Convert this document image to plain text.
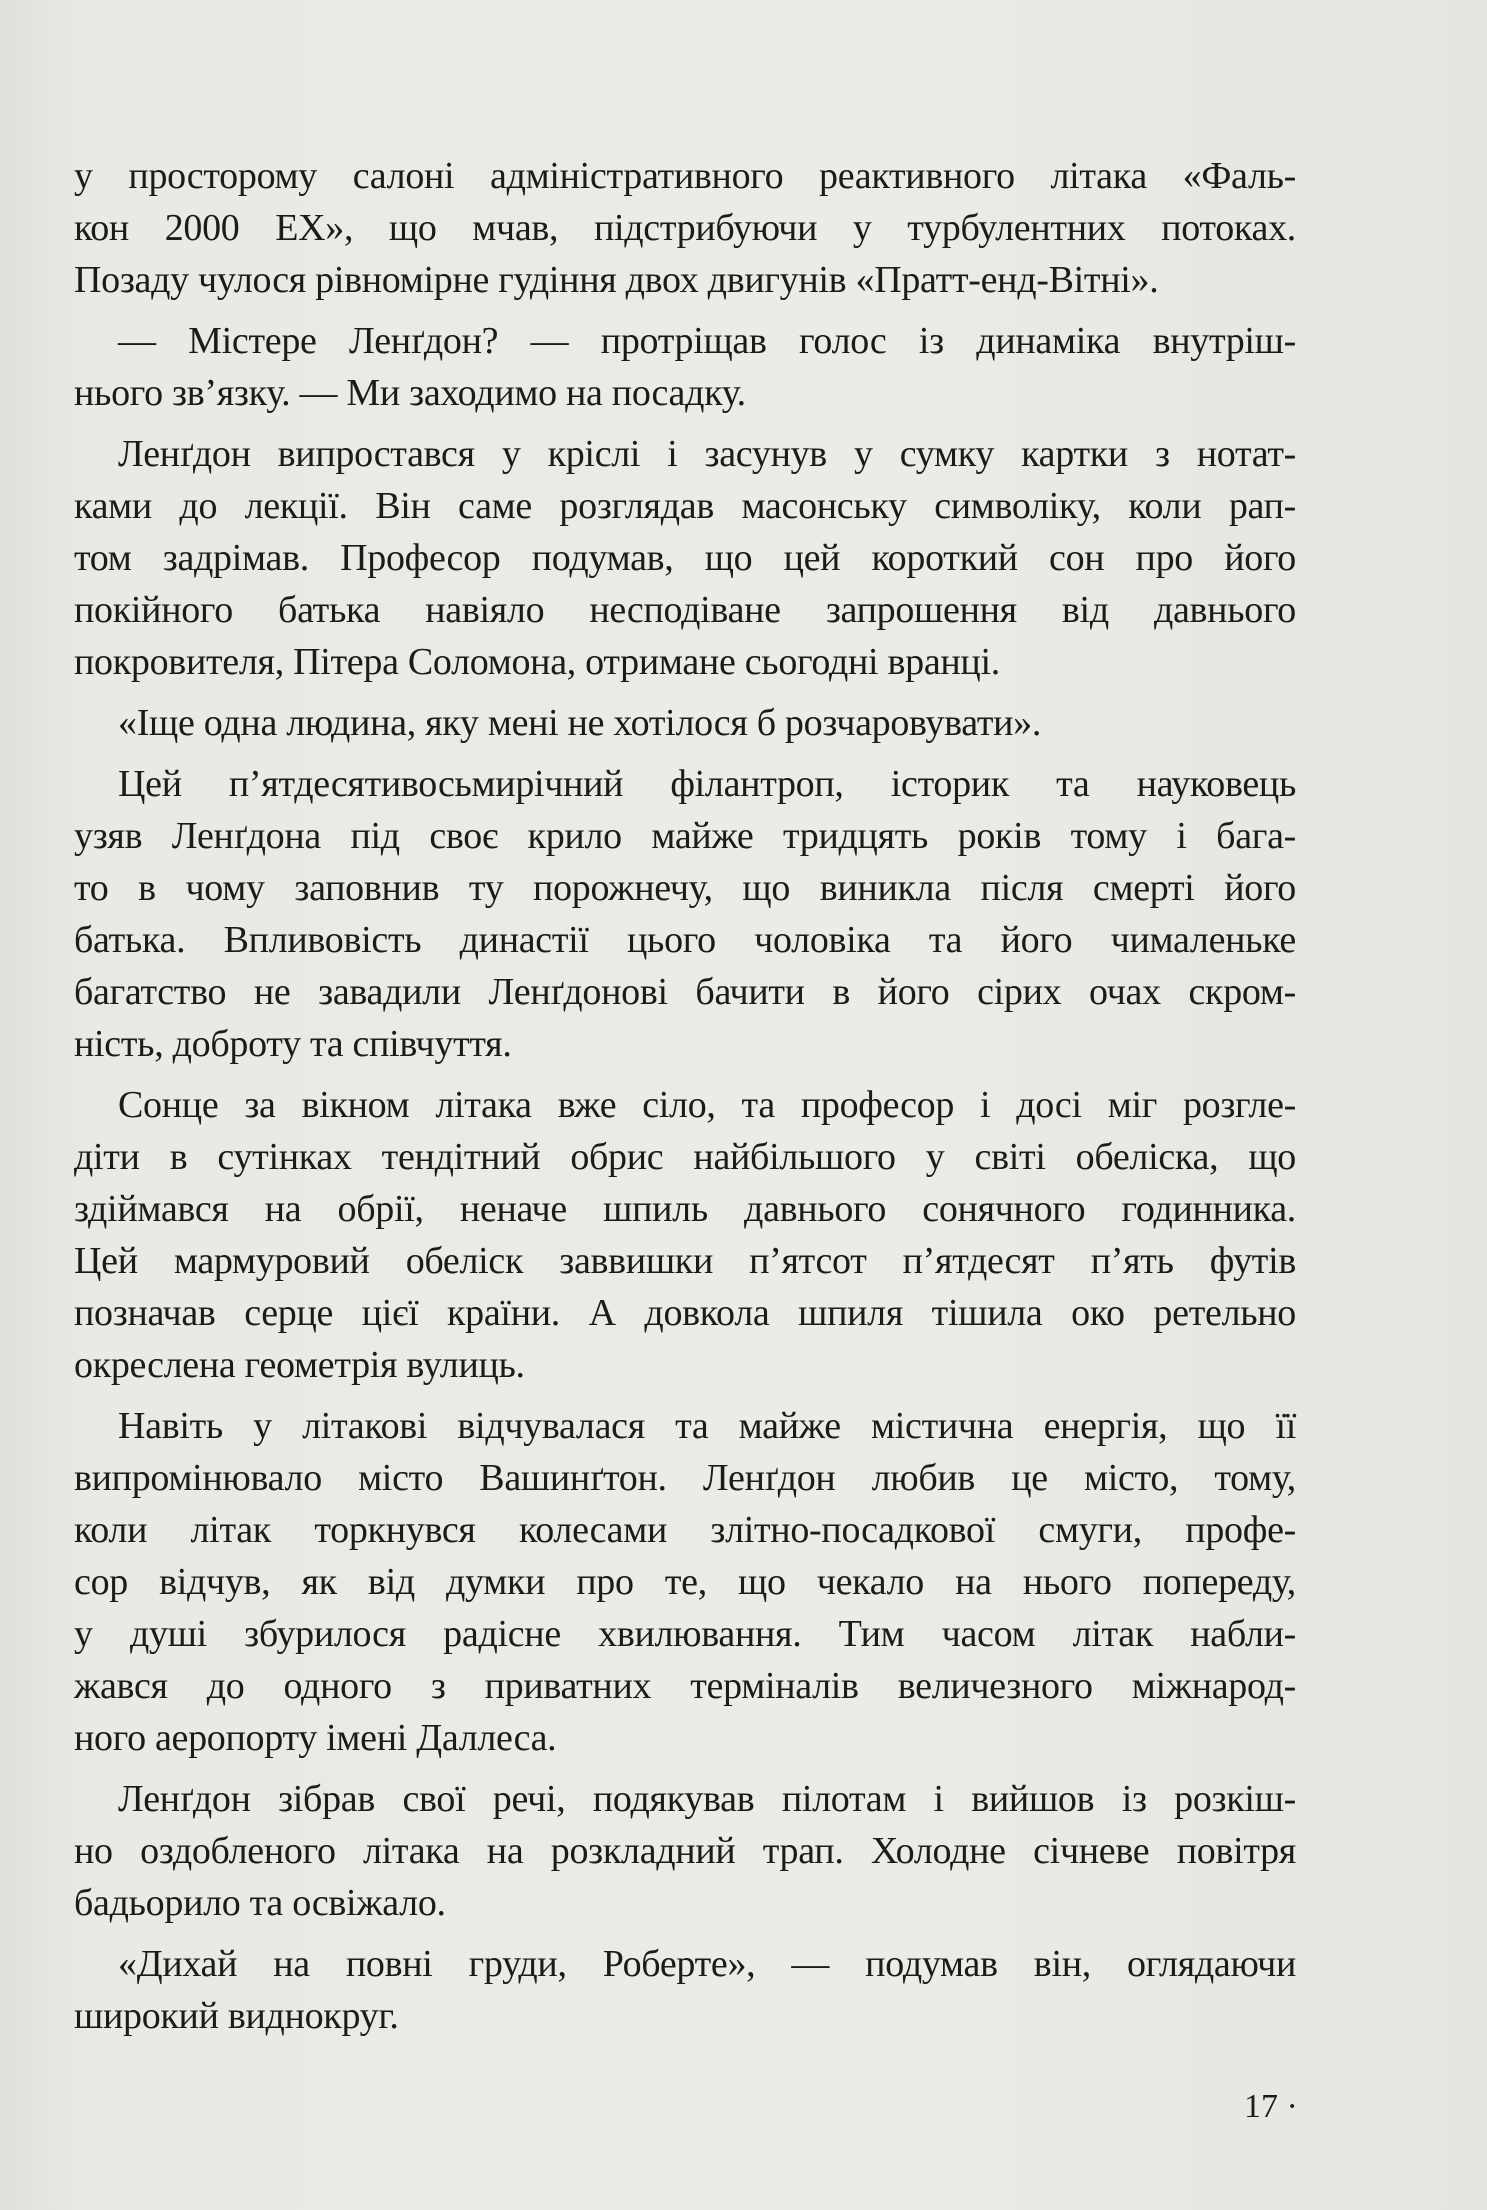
у просторому салоні адміністративного реактивного літака «Фаль-
кон 2000 ЕХ», що мчав, підстрибуючи у турбулентних потоках.
Позаду чулося рівномірне гудіння двох двигунів «Пратт-енд-Вітні».
— Містере Ленґдон? — протріщав голос із динаміка внутріш-
нього зв’язку. — Ми заходимо на посадку.
Ленґдон випростався у кріслі і засунув у сумку картки з нотат-
ками до лекції. Він саме розглядав масонську символіку, коли рап-
том задрімав. Професор подумав, що цей короткий сон про його
покійного батька навіяло несподіване запрошення від давнього
покровителя, Пітера Соломона, отримане сьогодні вранці.
«Іще одна людина, яку мені не хотілося б розчаровувати».
Цей п’ятдесятивосьмирічний філантроп, історик та науковець
узяв Ленґдона під своє крило майже тридцять років тому і бага-
то в чому заповнив ту порожнечу, що виникла після смерті його
батька. Впливовість династії цього чоловіка та його чималеньке
багатство не завадили Ленґдонові бачити в його сірих очах скром-
ність, доброту та співчуття.
Сонце за вікном літака вже сіло, та професор і досі міг розгле-
діти в сутінках тендітний обрис найбільшого у світі обеліска, що
здіймався на обрії, неначе шпиль давнього сонячного годинника.
Цей мармуровий обеліск заввишки п’ятсот п’ятдесят п’ять футів
позначав серце цієї країни. А довкола шпиля тішила око ретельно
окреслена геометрія вулиць.
Навіть у літакові відчувалася та майже містична енергія, що її
випромінювало місто Вашинґтон. Ленґдон любив це місто, тому,
коли літак торкнувся колесами злітно-посадкової смуги, профе-
сор відчув, як від думки про те, що чекало на нього попереду,
у душі збурилося радісне хвилювання. Тим часом літак набли-
жався до одного з приватних терміналів величезного міжнарод-
ного аеропорту імені Даллеса.
Ленґдон зібрав свої речі, подякував пілотам і вийшов із розкіш-
но оздобленого літака на розкладний трап. Холодне січневе повітря
бадьорило та освіжало.
«Дихай на повні груди, Роберте», — подумав він, оглядаючи
широкий виднокруг.
17 ·
